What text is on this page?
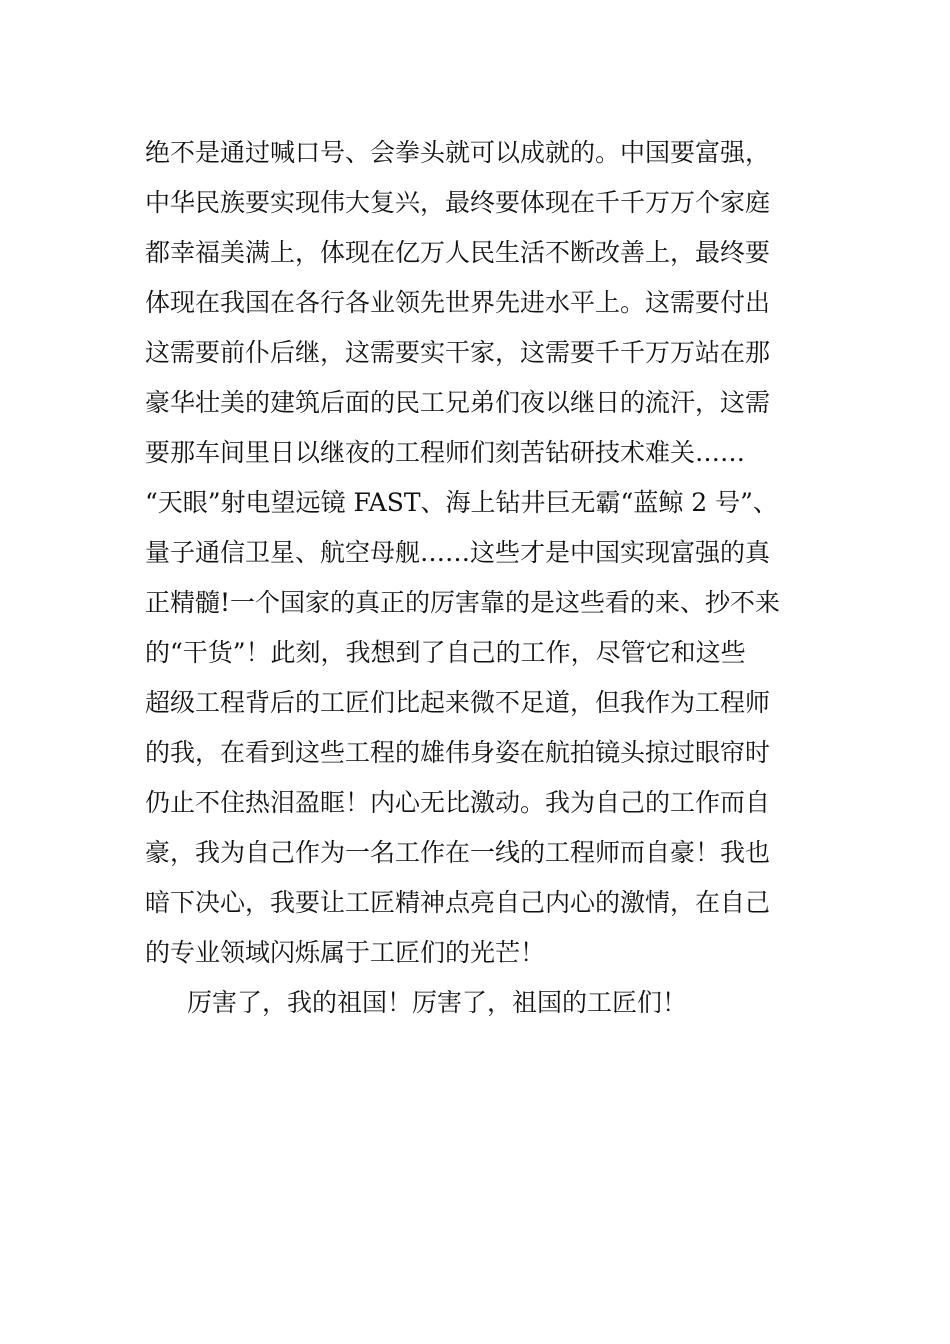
绝不是通过喊口号、会拳头就可以成就的。中国要富强，
中华民族要实现伟大复兴，最终要体现在千千万万个家庭
都幸福美满上，体现在亿万人民生活不断改善上，最终要
体现在我国在各行各业领先世界先进水平上。这需要付出
这需要前仆后继，这需要实干家，这需要千千万万站在那
豪华壮美的建筑后面的民工兄弟们夜以继日的流汗，这需
要那车间里日以继夜的工程师们刻苦钻研技术难关……
“天眼”射电望远镜 FAST、海上钻井巨无霸“蓝鲸 2 号”、
量子通信卫星、航空母舰……这些才是中国实现富强的真
正精髓!一个国家的真正的厉害靠的是这些看的来、抄不来
的“干货”！此刻，我想到了自己的工作，尽管它和这些
超级工程背后的工匠们比起来微不足道，但我作为工程师
的我，在看到这些工程的雄伟身姿在航拍镜头掠过眼帘时
仍止不住热泪盈眶！内心无比激动。我为自己的工作而自
豪，我为自己作为一名工作在一线的工程师而自豪！我也
暗下决心，我要让工匠精神点亮自己内心的激情，在自己
的专业领域闪烁属于工匠们的光芒！
厉害了，我的祖国！厉害了，祖国的工匠们！
